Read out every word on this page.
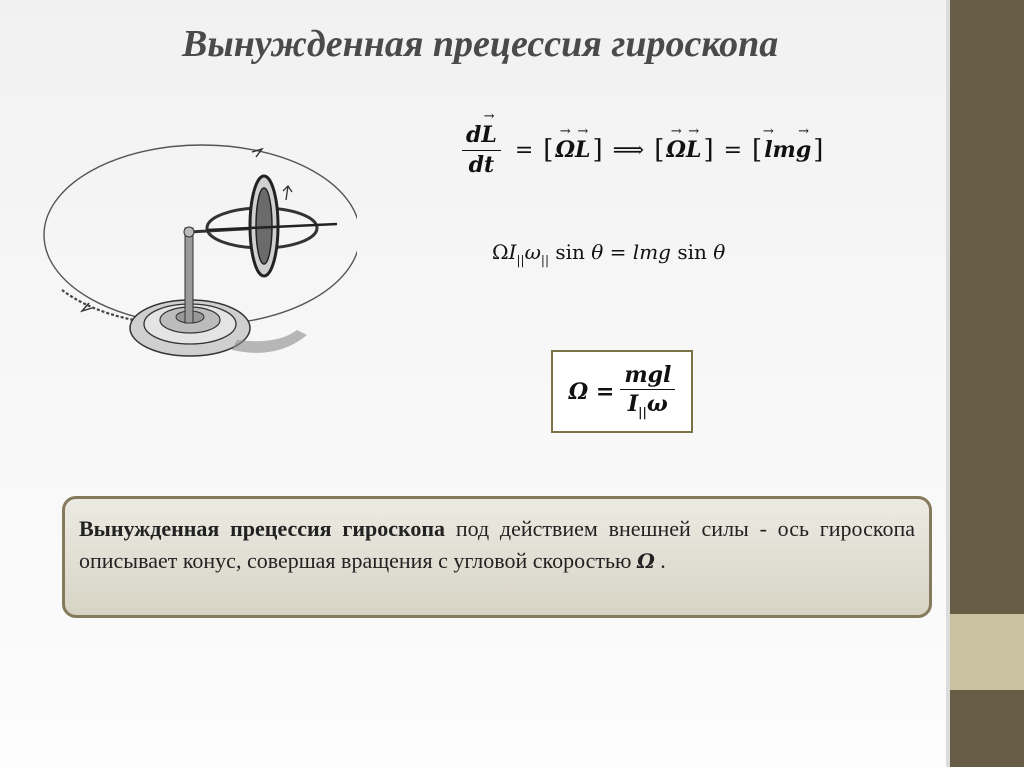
Вынужденная прецессия гироскопа
$\frac{d\to L}{dt}$ = [ → Ω → L ] ⟹ [ → Ω → L ] = [ → l m → g ]
$\Omega I_{||}\omega_{||}$ sin θ = lmg sin θ
$\Omega = \frac{\text{mgl}}{I_{||}\omega}$
Вынужденная прецессия гироскопа под действием внешней силы - ось гироскопа описывает конус, совершая вращения с угловой скоростью Ω .
